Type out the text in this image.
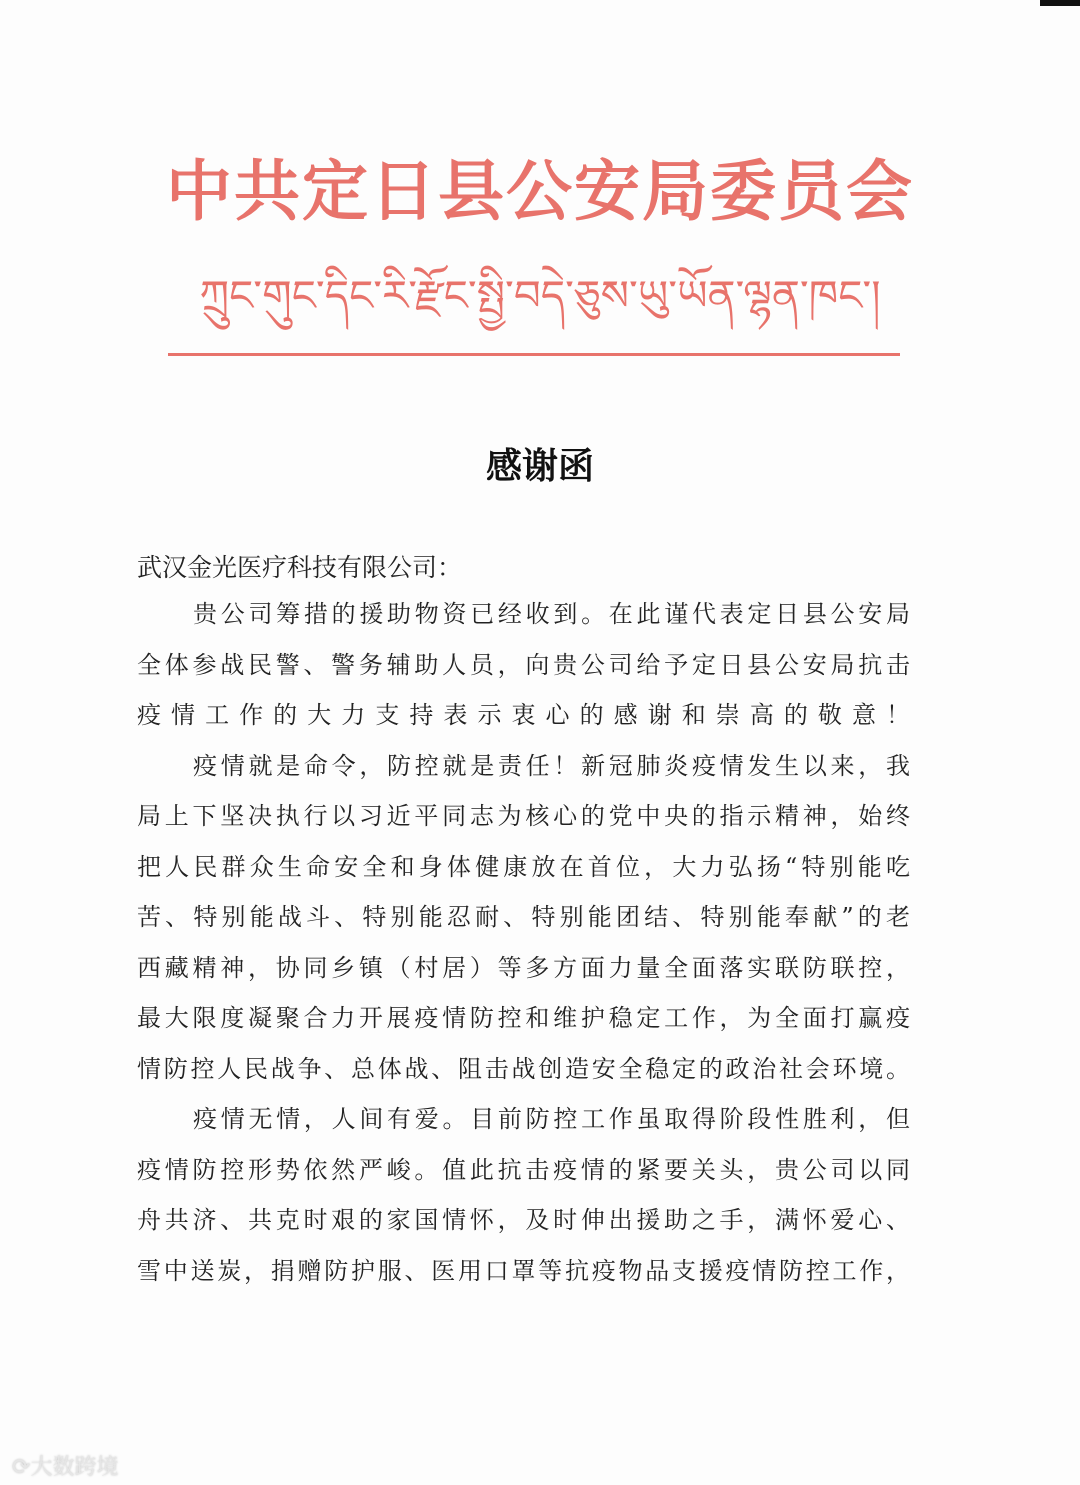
中共定日县公安局委员会
ཀྲུང་གུང་དིང་རི་རྫོང་སྤྱི་བདེ་ཅུས་ཡུ་ཡོན་ལྷན་ཁང་།
感谢函
武汉金光医疗科技有限公司：
贵公司筹措的援助物资已经收到。在此谨代表定日县公安局
全体参战民警、警务辅助人员，向贵公司给予定日县公安局抗击
疫情工作的大力支持表示衷心的感谢和崇高的敬意！
疫情就是命令，防控就是责任！新冠肺炎疫情发生以来，我
局上下坚决执行以习近平同志为核心的党中央的指示精神，始终
把人民群众生命安全和身体健康放在首位，大力弘扬“特别能吃
苦、特别能战斗、特别能忍耐、特别能团结、特别能奉献”的老
西藏精神，协同乡镇（村居）等多方面力量全面落实联防联控，
最大限度凝聚合力开展疫情防控和维护稳定工作，为全面打赢疫
情防控人民战争、总体战、阻击战创造安全稳定的政治社会环境。
疫情无情，人间有爱。目前防控工作虽取得阶段性胜利，但
疫情防控形势依然严峻。值此抗击疫情的紧要关头，贵公司以同
舟共济、共克时艰的家国情怀，及时伸出援助之手，满怀爱心、
雪中送炭，捐赠防护服、医用口罩等抗疫物品支援疫情防控工作，
⟳大数跨境
